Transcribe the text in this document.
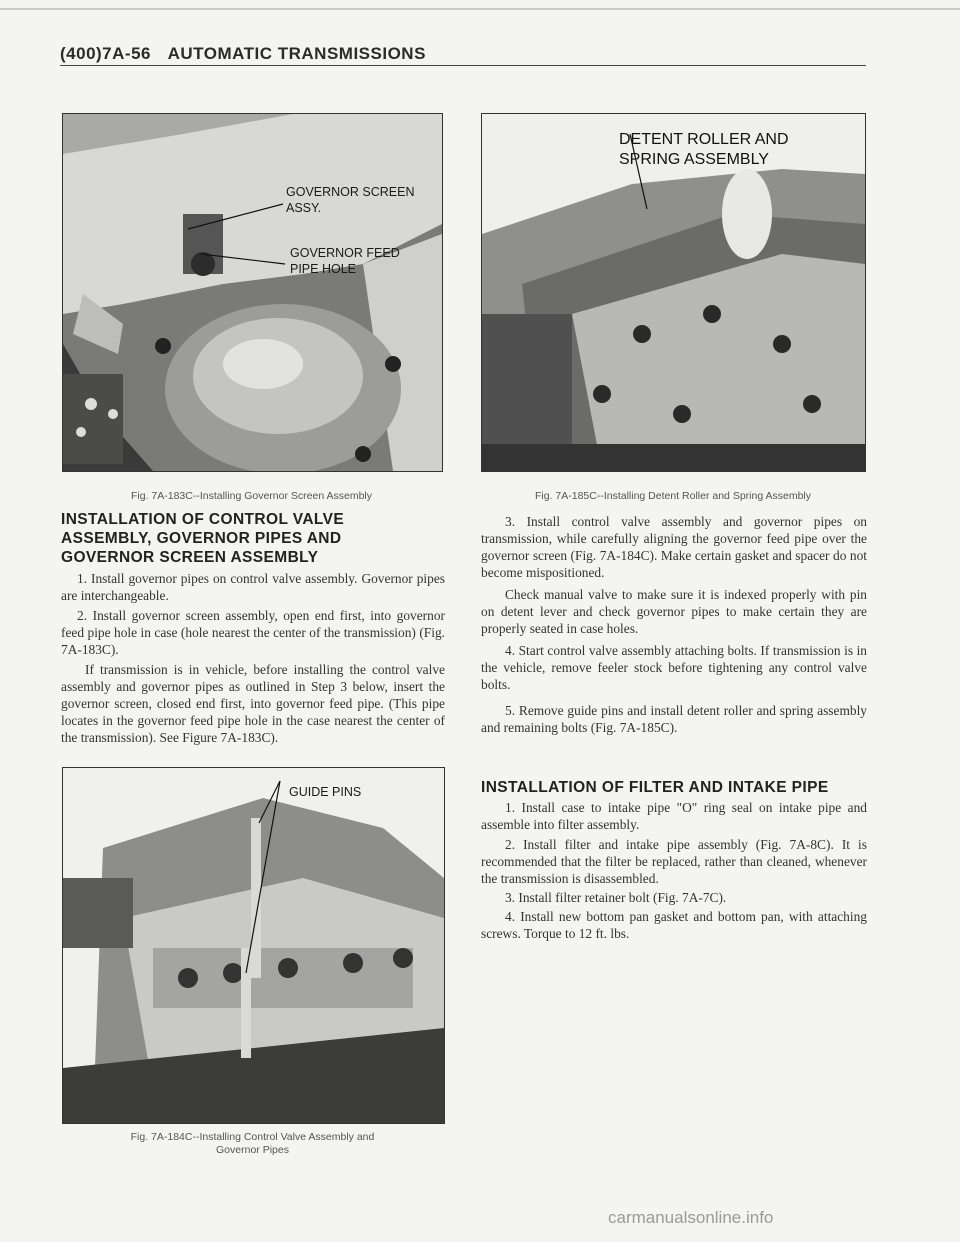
(400)7A-56 AUTOMATIC TRANSMISSIONS
GOVERNOR SCREEN
ASSY.
GOVERNOR FEED
PIPE HOLE
Fig. 7A-183C--Installing Governor Screen Assembly
DETENT ROLLER AND
SPRING ASSEMBLY
Fig. 7A-185C--Installing Detent Roller and Spring Assembly
INSTALLATION OF CONTROL VALVE ASSEMBLY, GOVERNOR PIPES AND GOVERNOR SCREEN ASSEMBLY

1. Install governor pipes on control valve assembly. Governor pipes are interchangeable.

2. Install governor screen assembly, open end first, into governor feed pipe hole in case (hole nearest the center of the transmission) (Fig. 7A-183C).

If transmission is in vehicle, before installing the control valve assembly and governor pipes as outlined in Step 3 below, insert the governor screen, closed end first, into governor feed pipe. (This pipe locates in the governor feed pipe hole in the case nearest the center of the transmission). See Figure 7A-183C).

GUIDE PINS
Fig. 7A-184C--Installing Control Valve Assembly and
Governor Pipes

3. Install control valve assembly and governor pipes on transmission, while carefully aligning the governor feed pipe over the governor screen (Fig. 7A-184C). Make certain gasket and spacer do not become mispositioned.

Check manual valve to make sure it is indexed properly with pin on detent lever and check governor pipes to make certain they are properly seated in case holes.

4. Start control valve assembly attaching bolts. If transmission is in the vehicle, remove feeler stock before tightening any control valve bolts.

5. Remove guide pins and install detent roller and spring assembly and remaining bolts (Fig. 7A-185C).

INSTALLATION OF FILTER AND INTAKE PIPE

1. Install case to intake pipe "O" ring seal on intake pipe and assemble into filter assembly.

2. Install filter and intake pipe assembly (Fig. 7A-8C). It is recommended that the filter be replaced, rather than cleaned, whenever the transmission is disassembled.

3. Install filter retainer bolt (Fig. 7A-7C).

4. Install new bottom pan gasket and bottom pan, with attaching screws. Torque to 12 ft. lbs.

carmanualsonline.info
